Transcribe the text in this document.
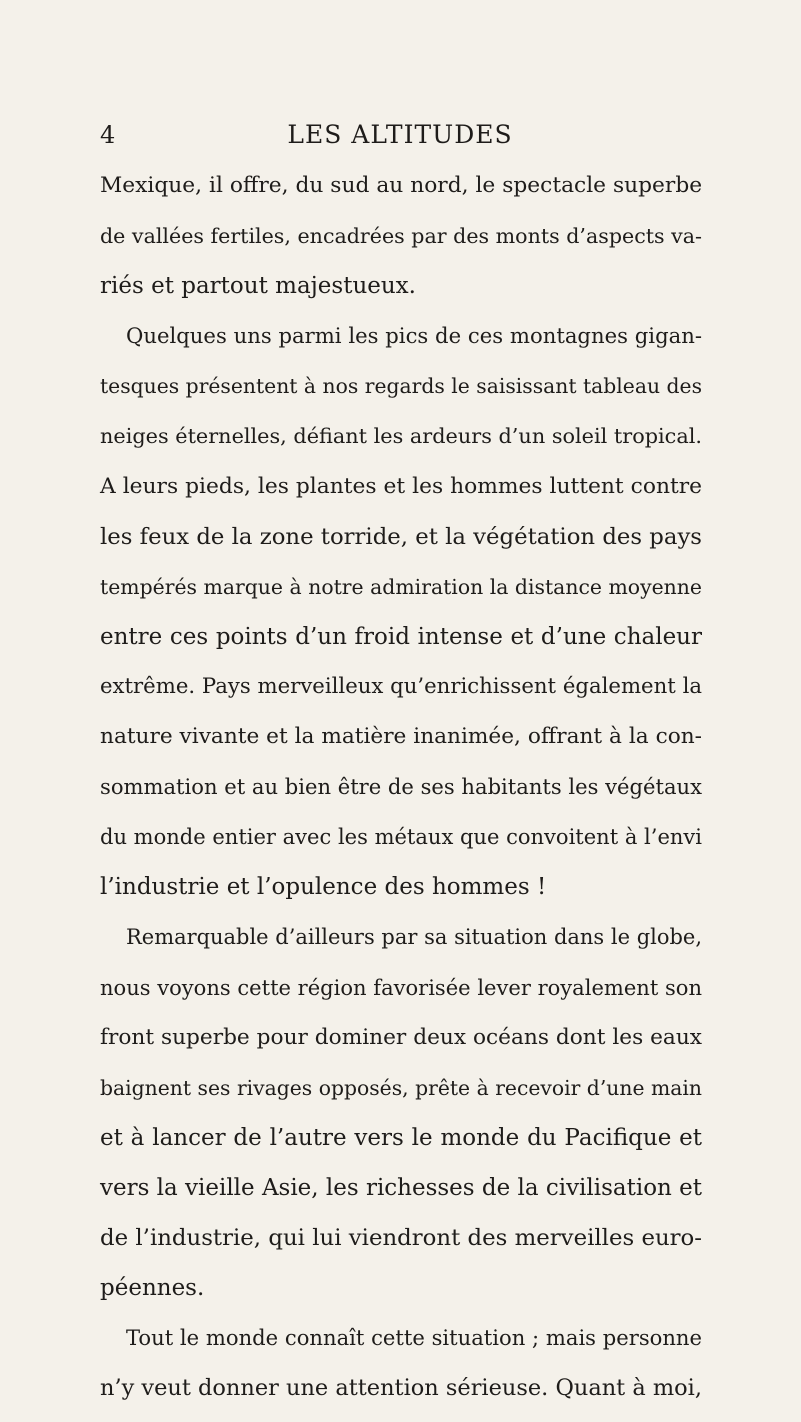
4	LES ALTITUDES
Mexique, il offre, du sud au nord, le spectacle superbe
de vallées fertiles, encadrées par des monts d’aspects va-
riés et partout majestueux.
Quelques uns parmi les pics de ces montagnes gigan-
tesques présentent à nos regards le saisissant tableau des
neiges éternelles, défiant les ardeurs d’un soleil tropical.
A leurs pieds, les plantes et les hommes luttent contre
les feux de la zone torride, et la végétation des pays
tempérés marque à notre admiration la distance moyenne
entre ces points d’un froid intense et d’une chaleur
extrême. Pays merveilleux qu’enrichissent également la
nature vivante et la matière inanimée, offrant à la con-
sommation et au bien être de ses habitants les végétaux
du monde entier avec les métaux que convoitent à l’envi
l’industrie et l’opulence des hommes !
Remarquable d’ailleurs par sa situation dans le globe,
nous voyons cette région favorisée lever royalement son
front superbe pour dominer deux océans dont les eaux
baignent ses rivages opposés, prête à recevoir d’une main
et à lancer de l’autre vers le monde du Pacifique et
vers la vieille Asie, les richesses de la civilisation et
de l’industrie, qui lui viendront des merveilles euro-
péennes.
Tout le monde connaît cette situation ; mais personne
n’y veut donner une attention sérieuse. Quant à moi,
